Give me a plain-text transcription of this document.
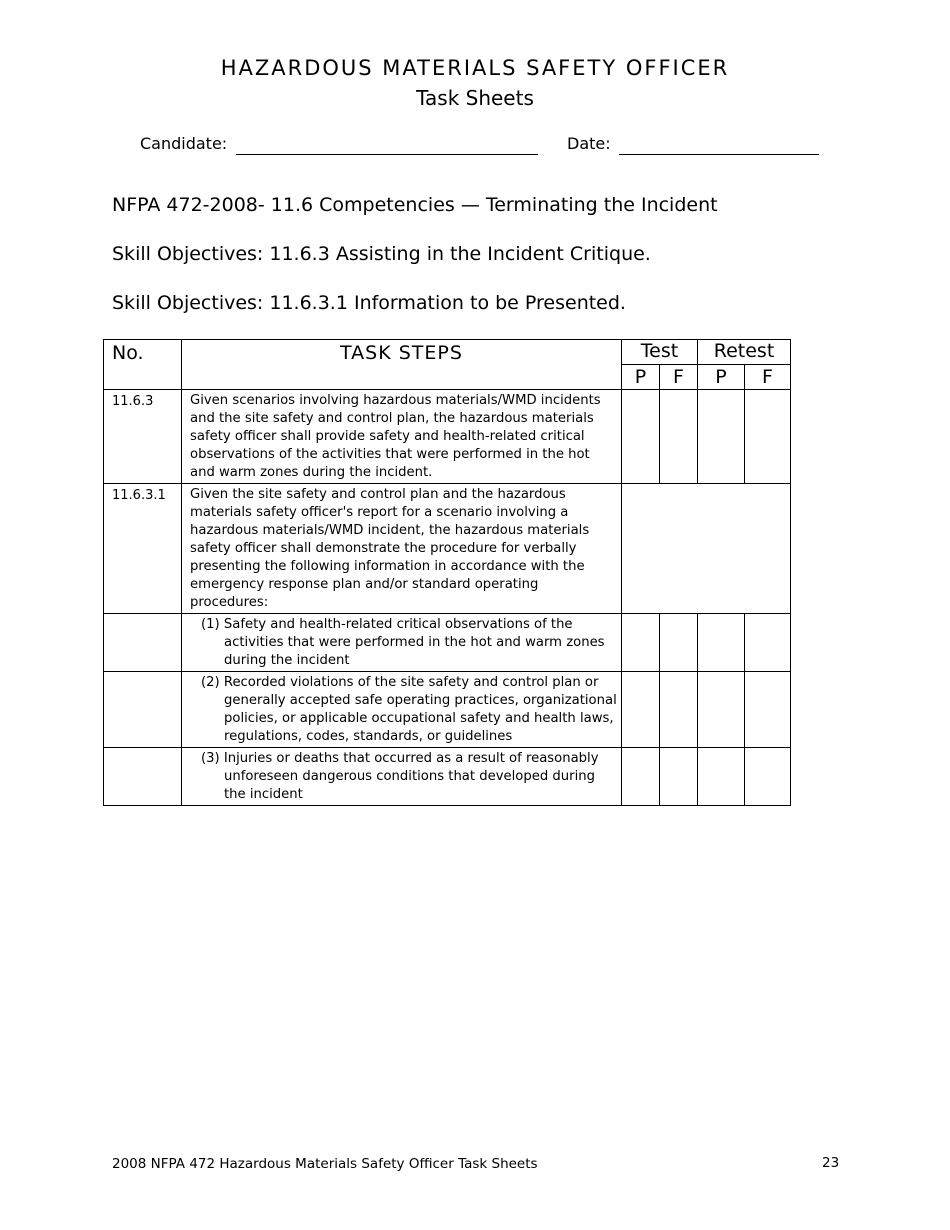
HAZARDOUS MATERIALS SAFETY OFFICER
Task Sheets
Candidate:	Date:
NFPA 472-2008- 11.6 Competencies — Terminating the Incident
Skill Objectives: 11.6.3 Assisting in the Incident Critique.
Skill Objectives: 11.6.3.1 Information to be Presented.
No.	TASK STEPS	Test		Retest	
		P	F	P	F
11.6.3	Given scenarios involving hazardous materials/WMD incidents and the site safety and control plan, the hazardous materials safety officer shall provide safety and health-related critical observations of the activities that were performed in the hot and warm zones during the incident.				
11.6.3.1	Given the site safety and control plan and the hazardous materials safety officer's report for a scenario involving a hazardous materials/WMD incident, the hazardous materials safety officer shall demonstrate the procedure for verbally presenting the following information in accordance with the emergency response plan and/or standard operating procedures:				
	(1) Safety and health-related critical observations of the activities that were performed in the hot and warm zones during the incident				
	(2) Recorded violations of the site safety and control plan or generally accepted safe operating practices, organizational policies, or applicable occupational safety and health laws, regulations, codes, standards, or guidelines				
	(3) Injuries or deaths that occurred as a result of reasonably unforeseen dangerous conditions that developed during the incident				
2008 NFPA 472 Hazardous Materials Safety Officer Task Sheets	23
